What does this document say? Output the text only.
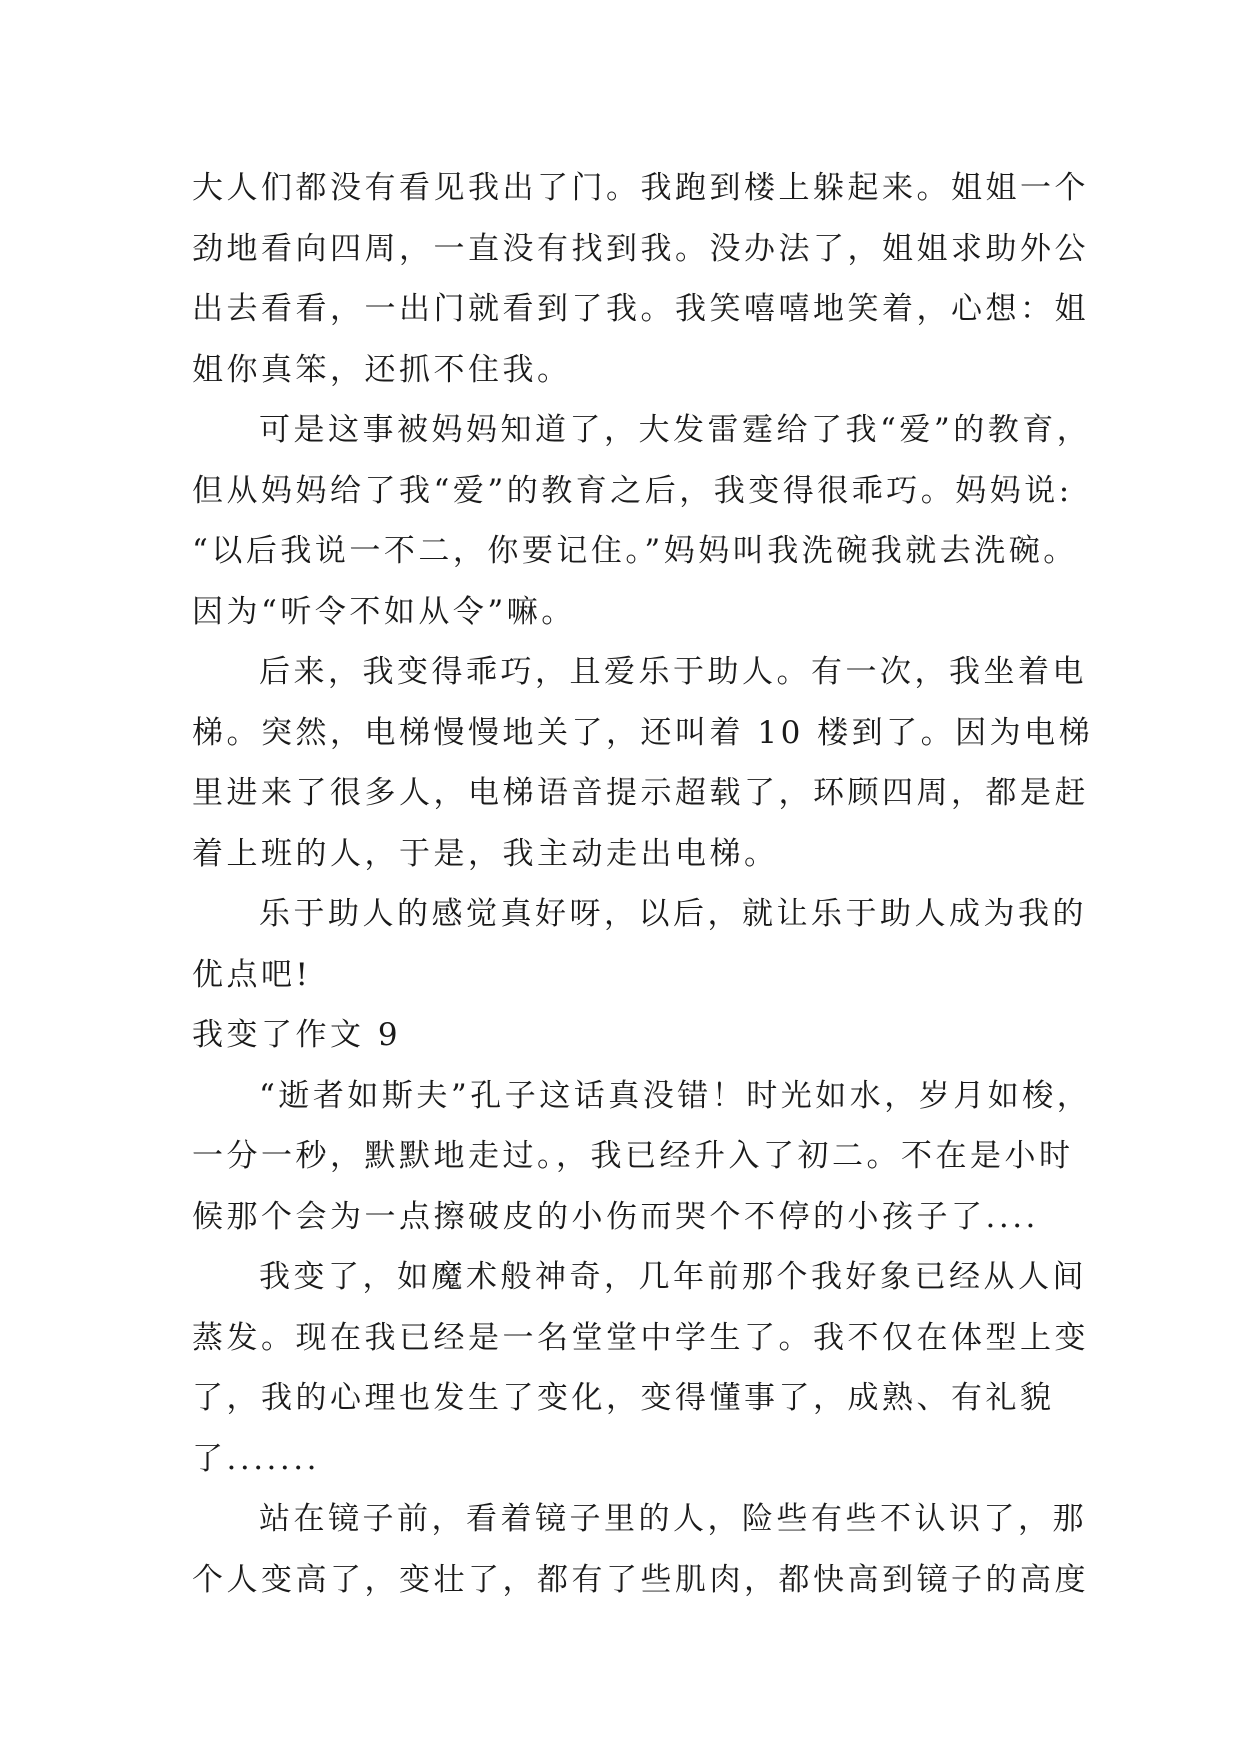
大人们都没有看见我出了门。我跑到楼上躲起来。姐姐一个
劲地看向四周，一直没有找到我。没办法了，姐姐求助外公
出去看看，一出门就看到了我。我笑嘻嘻地笑着，心想：姐
姐你真笨，还抓不住我。
可是这事被妈妈知道了，大发雷霆给了我“爱”的教育，
但从妈妈给了我“爱”的教育之后，我变得很乖巧。妈妈说:
“以后我说一不二，你要记住。”妈妈叫我洗碗我就去洗碗。
因为“听令不如从令”嘛。
后来，我变得乖巧，且爱乐于助人。有一次，我坐着电
梯。突然，电梯慢慢地关了，还叫着 10 楼到了。因为电梯
里进来了很多人，电梯语音提示超载了，环顾四周，都是赶
着上班的人，于是，我主动走出电梯。
乐于助人的感觉真好呀，以后，就让乐于助人成为我的
优点吧!
我变了作文 9
“逝者如斯夫”孔子这话真没错！时光如水，岁月如梭，
一分一秒，默默地走过。，我已经升入了初二。不在是小时
候那个会为一点擦破皮的小伤而哭个不停的小孩子了....
我变了，如魔术般神奇，几年前那个我好象已经从人间
蒸发。现在我已经是一名堂堂中学生了。我不仅在体型上变
了，我的心理也发生了变化，变得懂事了，成熟、有礼貌
了.......
站在镜子前，看着镜子里的人，险些有些不认识了，那
个人变高了，变壮了，都有了些肌肉，都快高到镜子的高度
